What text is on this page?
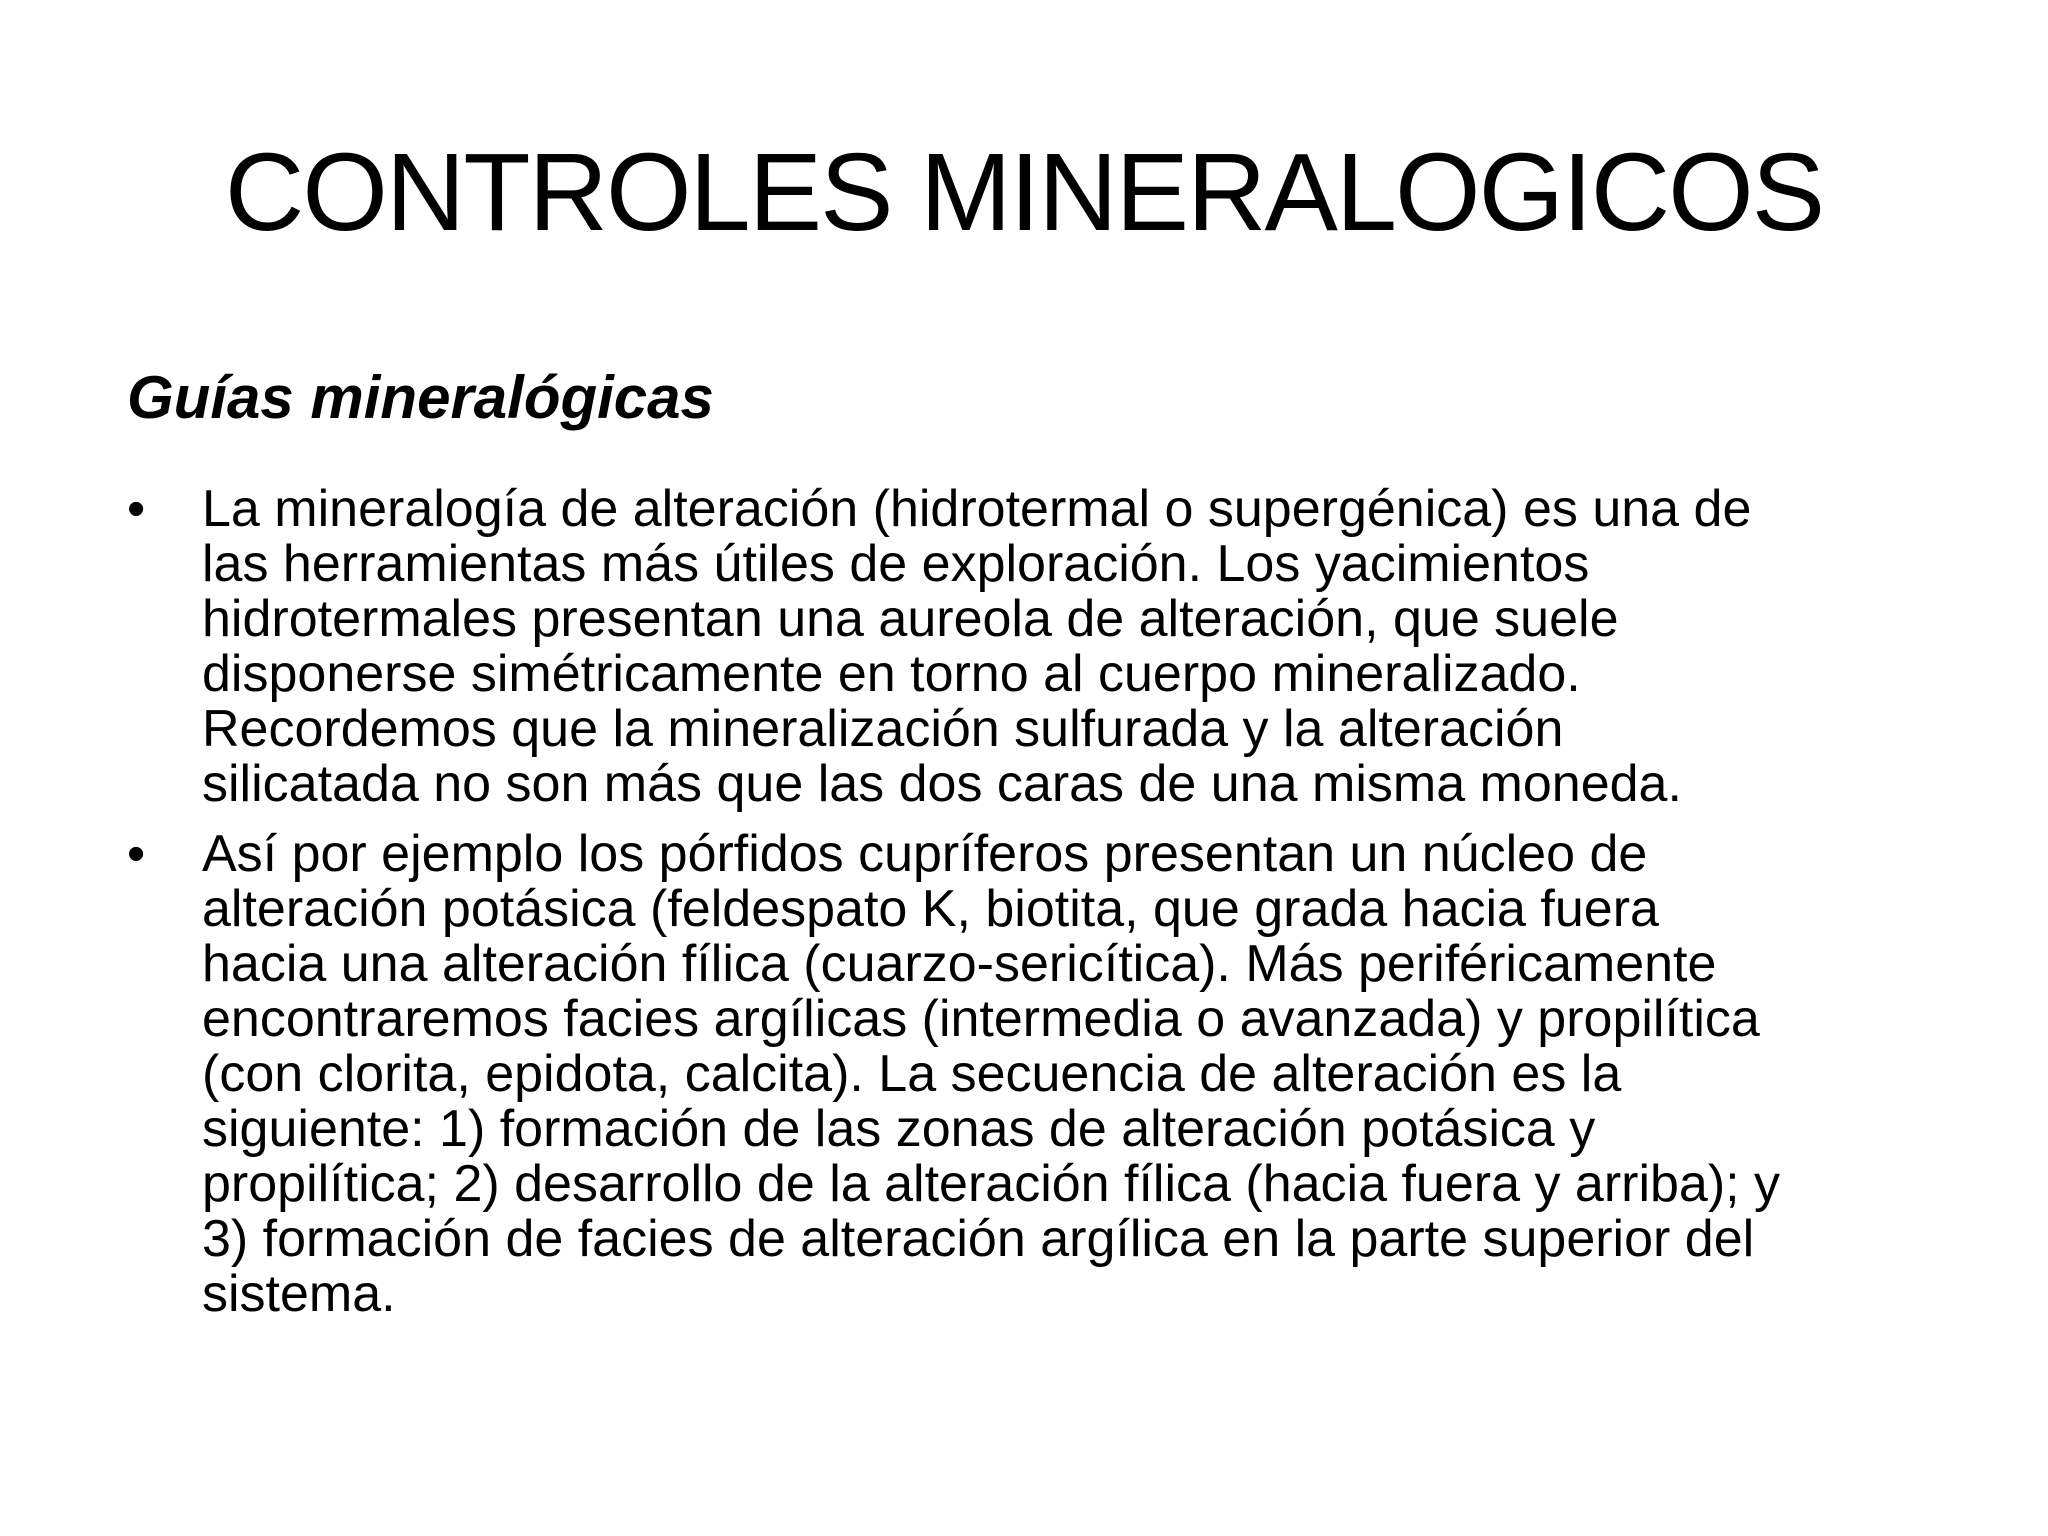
CONTROLES MINERALOGICOS
Guías mineralógicas
• La mineralogía de alteración (hidrotermal o supergénica) es una de
las herramientas más útiles de exploración. Los yacimientos
hidrotermales presentan una aureola de alteración, que suele
disponerse simétricamente en torno al cuerpo mineralizado.
Recordemos que la mineralización sulfurada y la alteración
silicatada no son más que las dos caras de una misma moneda.
• Así por ejemplo los pórfidos cupríferos presentan un núcleo de
alteración potásica (feldespato K, biotita, que grada hacia fuera
hacia una alteración fílica (cuarzo-sericítica). Más periféricamente
encontraremos facies argílicas (intermedia o avanzada) y propilítica
(con clorita, epidota, calcita). La secuencia de alteración es la
siguiente: 1) formación de las zonas de alteración potásica y
propilítica; 2) desarrollo de la alteración fílica (hacia fuera y arriba); y
3) formación de facies de alteración argílica en la parte superior del
sistema.
